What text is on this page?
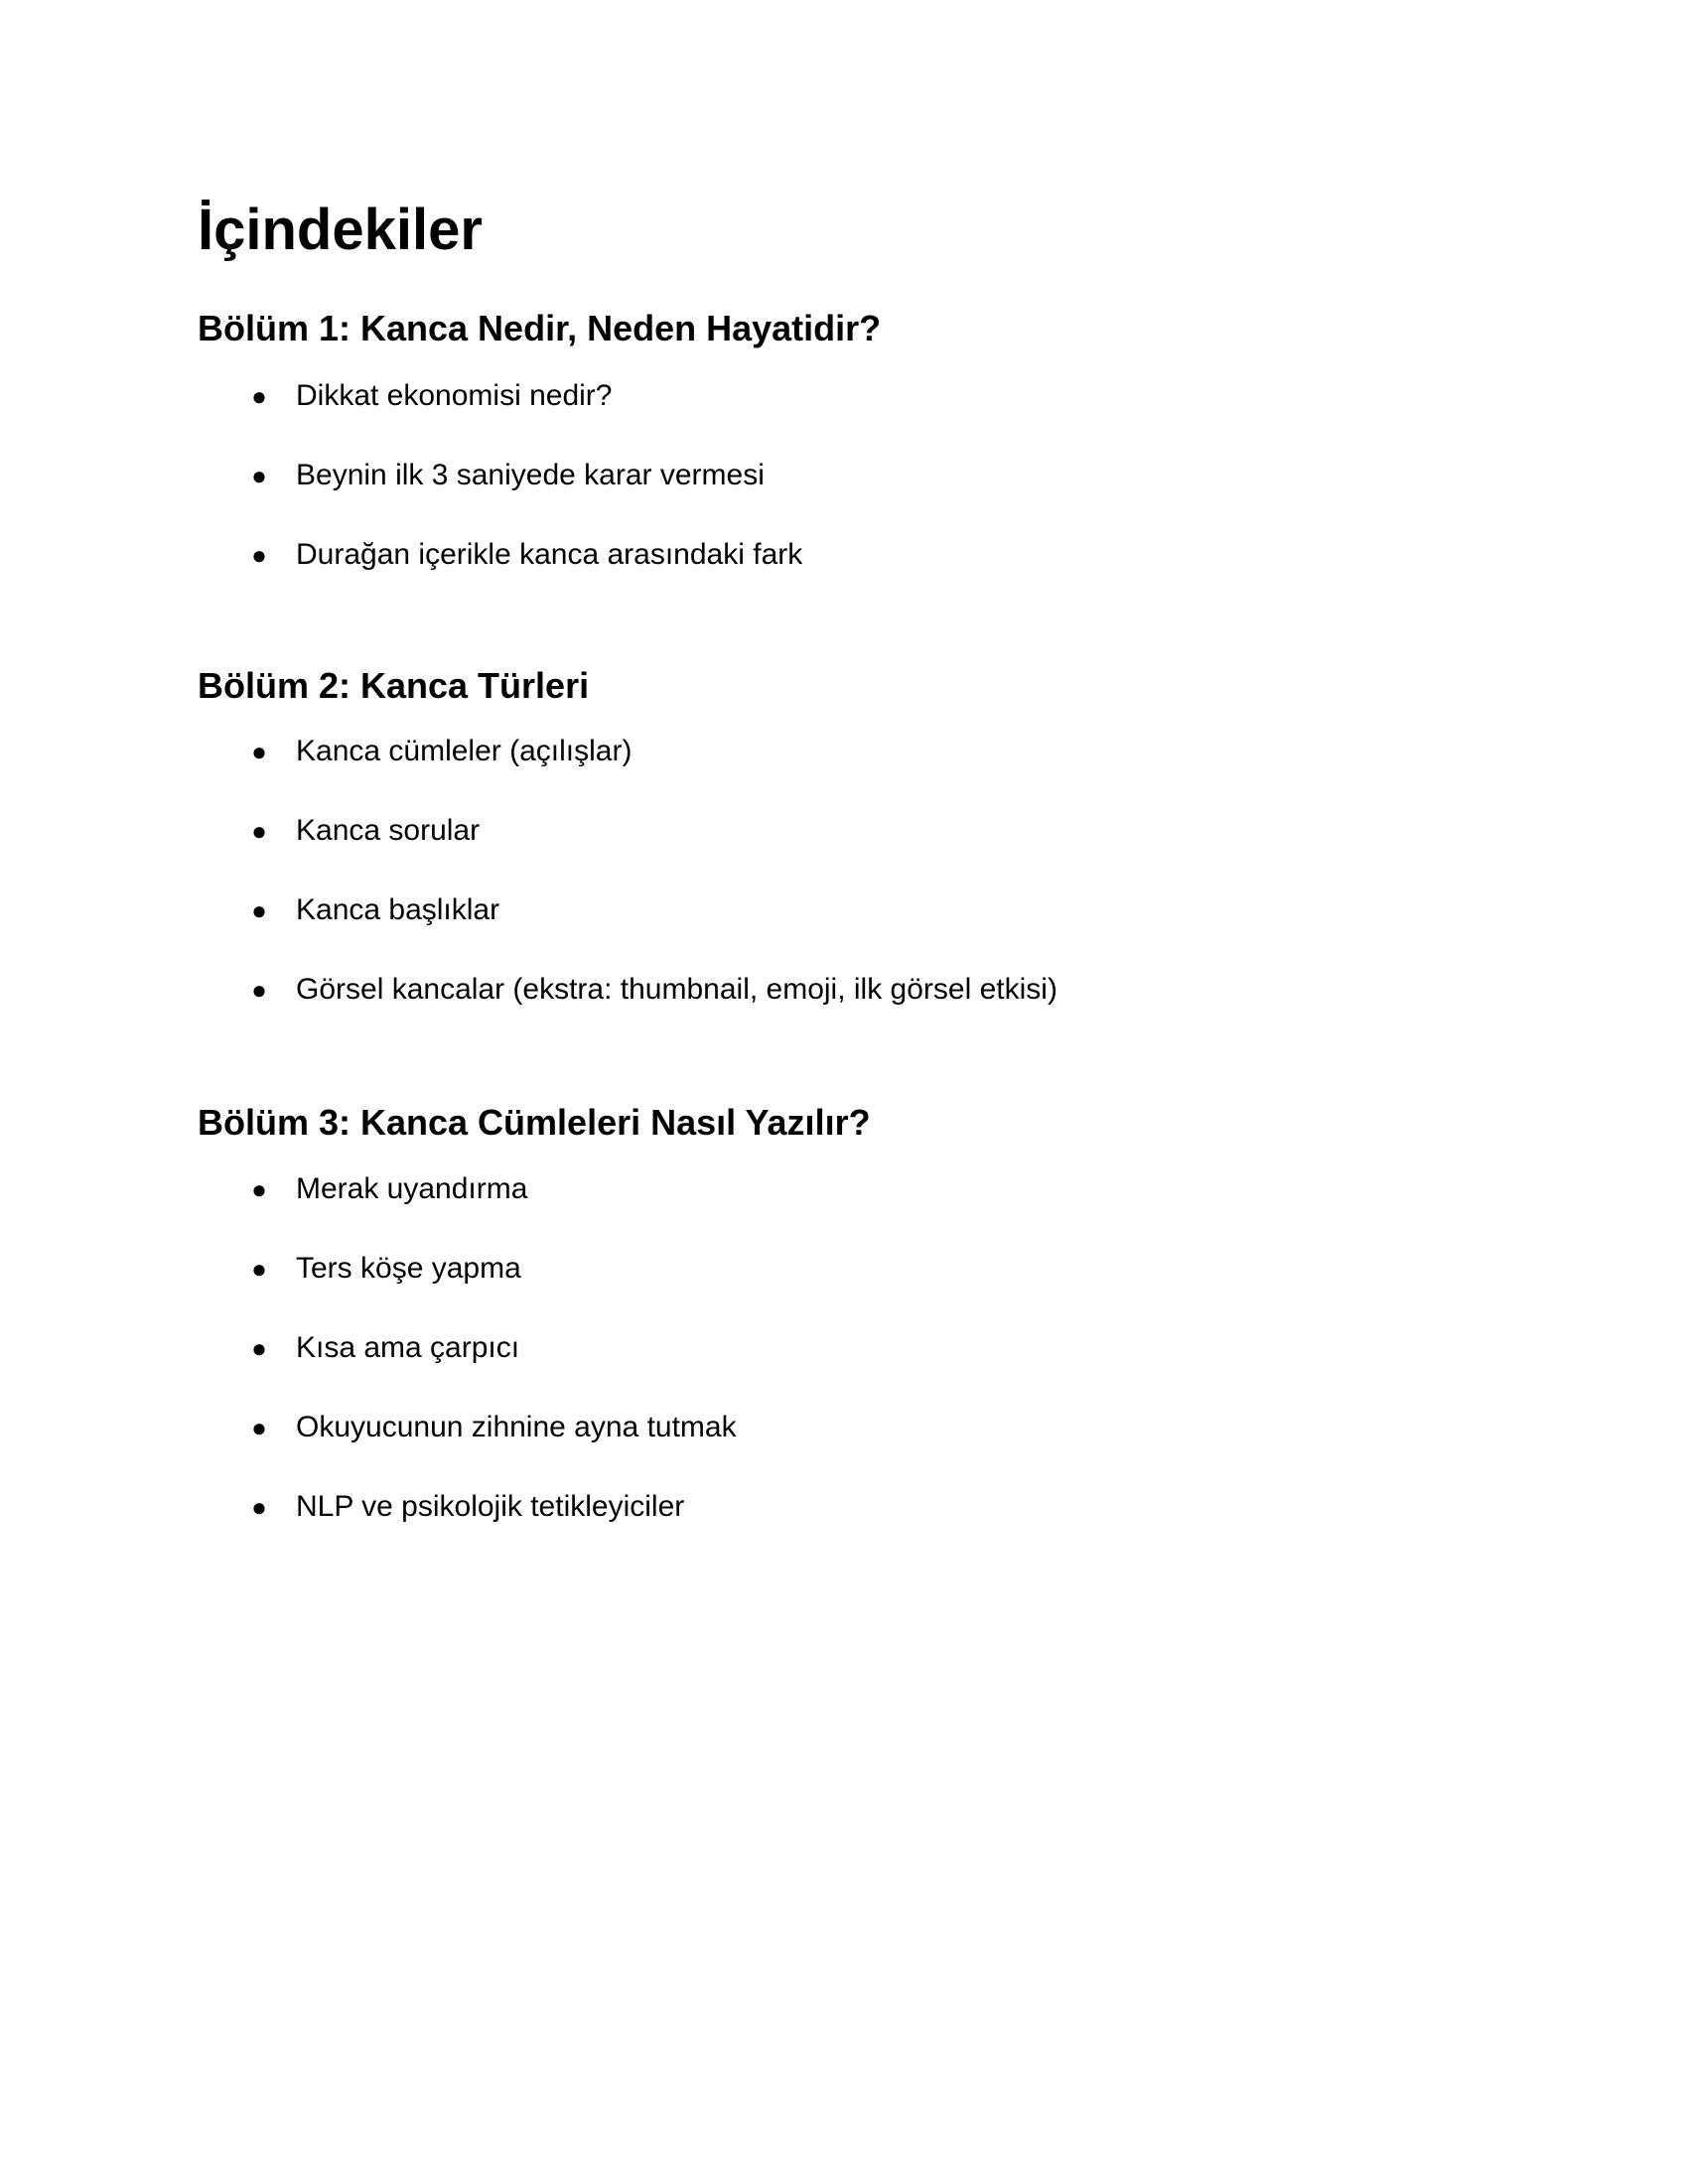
İçindekiler
Bölüm 1: Kanca Nedir, Neden Hayatidir?
● Dikkat ekonomisi nedir?
● Beynin ilk 3 saniyede karar vermesi
● Durağan içerikle kanca arasındaki fark
Bölüm 2: Kanca Türleri
● Kanca cümleler (açılışlar)
● Kanca sorular
● Kanca başlıklar
● Görsel kancalar (ekstra: thumbnail, emoji, ilk görsel etkisi)
Bölüm 3: Kanca Cümleleri Nasıl Yazılır?
● Merak uyandırma
● Ters köşe yapma
● Kısa ama çarpıcı
● Okuyucunun zihnine ayna tutmak
● NLP ve psikolojik tetikleyiciler
